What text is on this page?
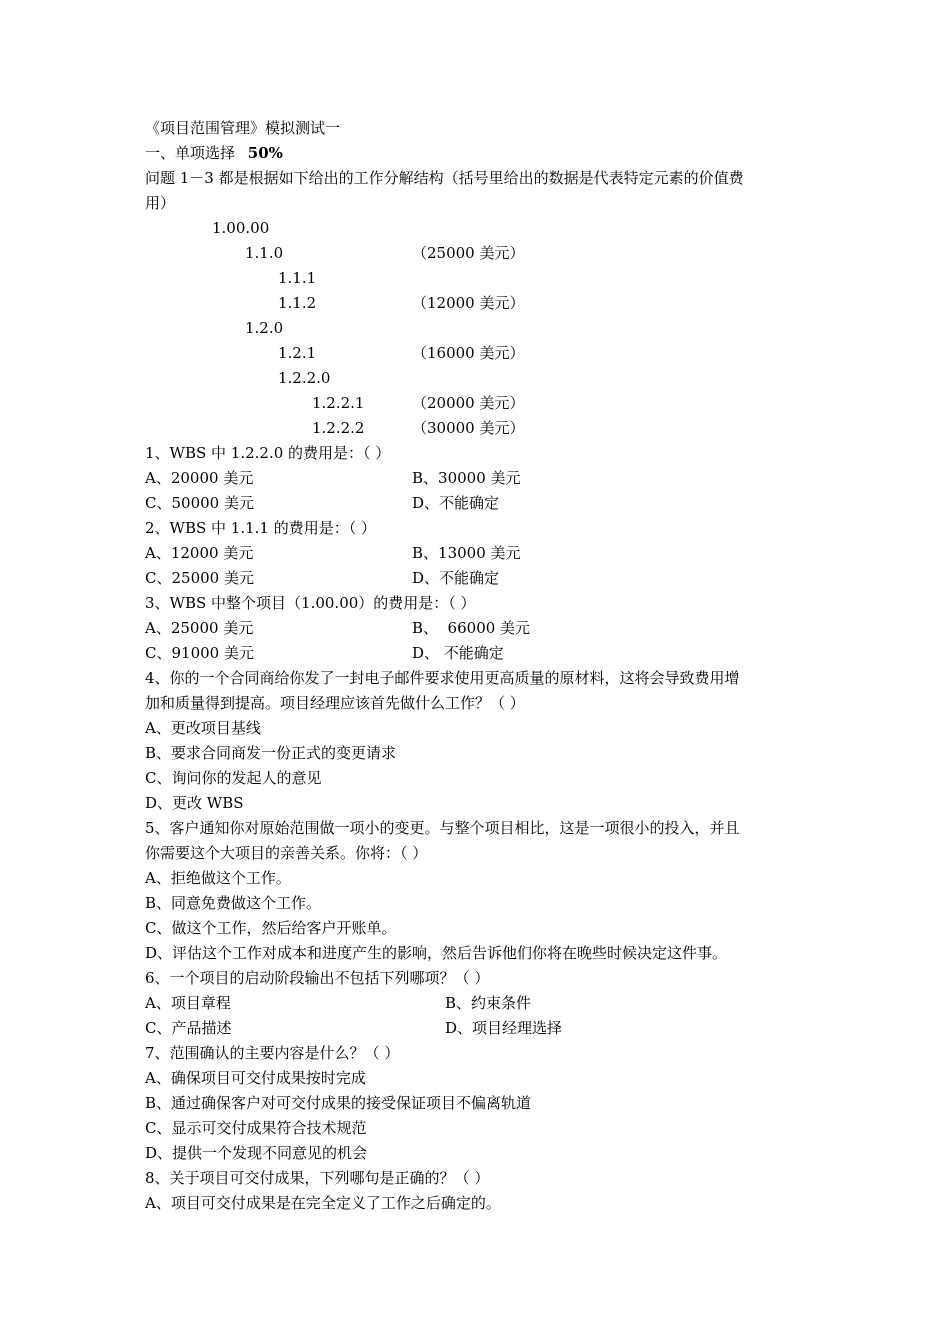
《项目范围管理》模拟测试一
一、单项选择 50%
问题 1－3 都是根据如下给出的工作分解结构（括号里给出的数据是代表特定元素的价值费
用）
1.00.00
1.1.0	（25000 美元）
1.1.1
1.1.2	（12000 美元）
1.2.0
1.2.1	（16000 美元）
1.2.2.0
1.2.2.1	（20000 美元）
1.2.2.2	（30000 美元）
1、WBS 中 1.2.2.0 的费用是：（ ）
A、20000 美元	B、30000 美元
C、50000 美元	D、不能确定
2、WBS 中 1.1.1 的费用是：（ ）
A、12000 美元	B、13000 美元
C、25000 美元	D、不能确定
3、WBS 中整个项目（1.00.00）的费用是：（ ）
A、25000 美元	B、  66000 美元
C、91000 美元	D、 不能确定
4、你的一个合同商给你发了一封电子邮件要求使用更高质量的原材料，这将会导致费用增
加和质量得到提高。项目经理应该首先做什么工作？（ ）
A、更改项目基线
B、要求合同商发一份正式的变更请求
C、询问你的发起人的意见
D、更改 WBS
5、客户通知你对原始范围做一项小的变更。与整个项目相比，这是一项很小的投入，并且
你需要这个大项目的亲善关系。你将：（ ）
A、拒绝做这个工作。
B、同意免费做这个工作。
C、做这个工作，然后给客户开账单。
D、评估这个工作对成本和进度产生的影响，然后告诉他们你将在晚些时候决定这件事。
6、一个项目的启动阶段输出不包括下列哪项？（ ）
A、项目章程	B、约束条件
C、产品描述	D、项目经理选择
7、范围确认的主要内容是什么？（ ）
A、确保项目可交付成果按时完成
B、通过确保客户对可交付成果的接受保证项目不偏离轨道
C、显示可交付成果符合技术规范
D、提供一个发现不同意见的机会
8、关于项目可交付成果，下列哪句是正确的？（ ）
A、项目可交付成果是在完全定义了工作之后确定的。
